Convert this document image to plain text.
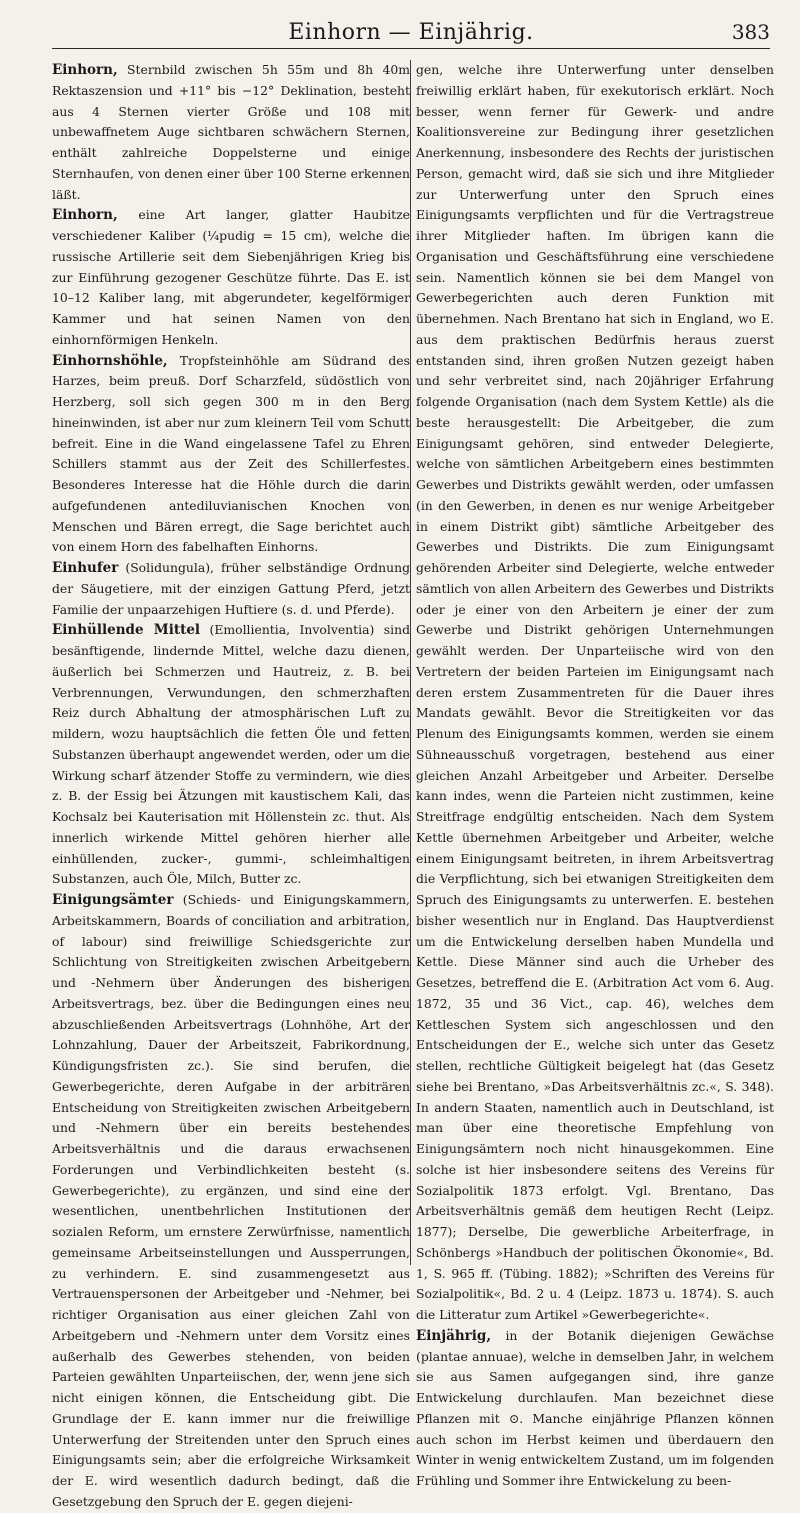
Einhorn — Einjährig.	383

Einhorn, Sternbild zwischen 5h 55m und 8h 40m Rektaszension und +11° bis −12° Deklination, besteht aus 4 Sternen vierter Größe und 108 mit unbewaffnetem Auge sichtbaren schwächern Sternen, enthält zahlreiche Doppelsterne und einige Sternhaufen, von denen einer über 100 Sterne erkennen läßt.

Einhorn, eine Art langer, glatter Haubitze verschiedener Kaliber (¼pudig = 15 cm), welche die russische Artillerie seit dem Siebenjährigen Krieg bis zur Einführung gezogener Geschütze führte. Das E. ist 10–12 Kaliber lang, mit abgerundeter, kegelförmiger Kammer und hat seinen Namen von den einhornförmigen Henkeln.

Einhornshöhle, Tropfsteinhöhle am Südrand des Harzes, beim preuß. Dorf Scharzfeld, südöstlich von Herzberg, soll sich gegen 300 m in den Berg hineinwinden, ist aber nur zum kleinern Teil vom Schutt befreit. Eine in die Wand eingelassene Tafel zu Ehren Schillers stammt aus der Zeit des Schillerfestes. Besonderes Interesse hat die Höhle durch die darin aufgefundenen antediluvianischen Knochen von Menschen und Bären erregt, die Sage berichtet auch von einem Horn des fabelhaften Einhorns.

Einhufer (Solidungula), früher selbständige Ordnung der Säugetiere, mit der einzigen Gattung Pferd, jetzt Familie der unpaarzehigen Huftiere (s. d. und Pferde).

Einhüllende Mittel (Emollientia, Involventia) sind besänftigende, lindernde Mittel, welche dazu dienen, äußerlich bei Schmerzen und Hautreiz, z. B. bei Verbrennungen, Verwundungen, den schmerzhaften Reiz durch Abhaltung der atmosphärischen Luft zu mildern, wozu hauptsächlich die fetten Öle und fetten Substanzen überhaupt angewendet werden, oder um die Wirkung scharf ätzender Stoffe zu vermindern, wie dies z. B. der Essig bei Ätzungen mit kaustischem Kali, das Kochsalz bei Kauterisation mit Höllenstein zc. thut. Als innerlich wirkende Mittel gehören hierher alle einhüllenden, zucker-, gummi-, schleimhaltigen Substanzen, auch Öle, Milch, Butter zc.

Einigungsämter (Schieds- und Einigungskammern, Arbeitskammern, Boards of conciliation and arbitration, of labour) sind freiwillige Schiedsgerichte zur Schlichtung von Streitigkeiten zwischen Arbeitgebern und -Nehmern über Änderungen des bisherigen Arbeitsvertrags, bez. über die Bedingungen eines neu abzuschließenden Arbeitsvertrags (Lohnhöhe, Art der Lohnzahlung, Dauer der Arbeitszeit, Fabrikordnung, Kündigungsfristen zc.). Sie sind berufen, die Gewerbegerichte, deren Aufgabe in der arbiträren Entscheidung von Streitigkeiten zwischen Arbeitgebern und -Nehmern über ein bereits bestehendes Arbeitsverhältnis und die daraus erwachsenen Forderungen und Verbindlichkeiten besteht (s. Gewerbegerichte), zu ergänzen, und sind eine der wesentlichen, unentbehrlichen Institutionen der sozialen Reform, um ernstere Zerwürfnisse, namentlich gemeinsame Arbeitseinstellungen und Aussperrungen, zu verhindern. E. sind zusammengesetzt aus Vertrauenspersonen der Arbeitgeber und -Nehmer, bei richtiger Organisation aus einer gleichen Zahl von Arbeitgebern und -Nehmern unter dem Vorsitz eines außerhalb des Gewerbes stehenden, von beiden Parteien gewählten Unparteiischen, der, wenn jene sich nicht einigen können, die Entscheidung gibt. Die Grundlage der E. kann immer nur die freiwillige Unterwerfung der Streitenden unter den Spruch eines Einigungsamts sein; aber die erfolgreiche Wirksamkeit der E. wird wesentlich dadurch bedingt, daß die Gesetzgebung den Spruch der E. gegen diejeni-

gen, welche ihre Unterwerfung unter denselben freiwillig erklärt haben, für exekutorisch erklärt. Noch besser, wenn ferner für Gewerk- und andre Koalitionsvereine zur Bedingung ihrer gesetzlichen Anerkennung, insbesondere des Rechts der juristischen Person, gemacht wird, daß sie sich und ihre Mitglieder zur Unterwerfung unter den Spruch eines Einigungsamts verpflichten und für die Vertragstreue ihrer Mitglieder haften. Im übrigen kann die Organisation und Geschäftsführung eine verschiedene sein. Namentlich können sie bei dem Mangel von Gewerbegerichten auch deren Funktion mit übernehmen. Nach Brentano hat sich in England, wo E. aus dem praktischen Bedürfnis heraus zuerst entstanden sind, ihren großen Nutzen gezeigt haben und sehr verbreitet sind, nach 20jähriger Erfahrung folgende Organisation (nach dem System Kettle) als die beste herausgestellt: Die Arbeitgeber, die zum Einigungsamt gehören, sind entweder Delegierte, welche von sämtlichen Arbeitgebern eines bestimmten Gewerbes und Distrikts gewählt werden, oder umfassen (in den Gewerben, in denen es nur wenige Arbeitgeber in einem Distrikt gibt) sämtliche Arbeitgeber des Gewerbes und Distrikts. Die zum Einigungsamt gehörenden Arbeiter sind Delegierte, welche entweder sämtlich von allen Arbeitern des Gewerbes und Distrikts oder je einer von den Arbeitern je einer der zum Gewerbe und Distrikt gehörigen Unternehmungen gewählt werden. Der Unparteiische wird von den Vertretern der beiden Parteien im Einigungsamt nach deren erstem Zusammentreten für die Dauer ihres Mandats gewählt. Bevor die Streitigkeiten vor das Plenum des Einigungsamts kommen, werden sie einem Sühneausschuß vorgetragen, bestehend aus einer gleichen Anzahl Arbeitgeber und Arbeiter. Derselbe kann indes, wenn die Parteien nicht zustimmen, keine Streitfrage endgültig entscheiden. Nach dem System Kettle übernehmen Arbeitgeber und Arbeiter, welche einem Einigungsamt beitreten, in ihrem Arbeitsvertrag die Verpflichtung, sich bei etwanigen Streitigkeiten dem Spruch des Einigungsamts zu unterwerfen. E. bestehen bisher wesentlich nur in England. Das Hauptverdienst um die Entwickelung derselben haben Mundella und Kettle. Diese Männer sind auch die Urheber des Gesetzes, betreffend die E. (Arbitration Act vom 6. Aug. 1872, 35 und 36 Vict., cap. 46), welches dem Kettleschen System sich angeschlossen und den Entscheidungen der E., welche sich unter das Gesetz stellen, rechtliche Gültigkeit beigelegt hat (das Gesetz siehe bei Brentano, »Das Arbeitsverhältnis zc.«, S. 348). In andern Staaten, namentlich auch in Deutschland, ist man über eine theoretische Empfehlung von Einigungsämtern noch nicht hinausgekommen. Eine solche ist hier insbesondere seitens des Vereins für Sozialpolitik 1873 erfolgt. Vgl. Brentano, Das Arbeitsverhältnis gemäß dem heutigen Recht (Leipz. 1877); Derselbe, Die gewerbliche Arbeiterfrage, in Schönbergs »Handbuch der politischen Ökonomie«, Bd. 1, S. 965 ff. (Tübing. 1882); »Schriften des Vereins für Sozialpolitik«, Bd. 2 u. 4 (Leipz. 1873 u. 1874). S. auch die Litteratur zum Artikel »Gewerbegerichte«.

Einjährig, in der Botanik diejenigen Gewächse (plantae annuae), welche in demselben Jahr, in welchem sie aus Samen aufgegangen sind, ihre ganze Entwickelung durchlaufen. Man bezeichnet diese Pflanzen mit ⊙. Manche einjährige Pflanzen können auch schon im Herbst keimen und überdauern den Winter in wenig entwickeltem Zustand, um im folgenden Frühling und Sommer ihre Entwickelung zu been-
